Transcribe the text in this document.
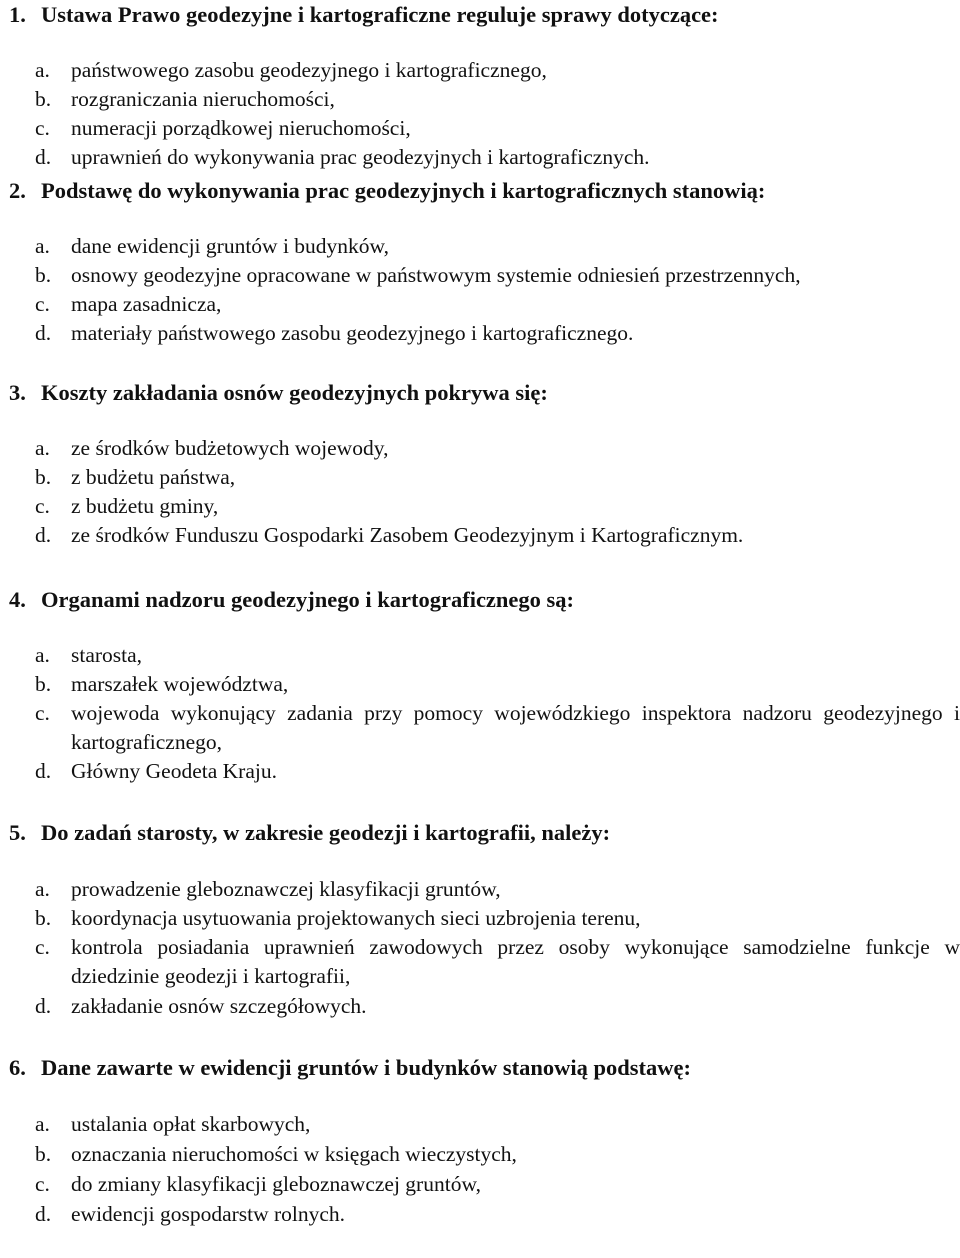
1. Ustawa Prawo geodezyjne i kartograficzne reguluje sprawy dotyczące:
a. państwowego zasobu geodezyjnego i kartograficznego,
b. rozgraniczania nieruchomości,
c. numeracji porządkowej nieruchomości,
d. uprawnień do wykonywania prac geodezyjnych i kartograficznych.
2. Podstawę do wykonywania prac geodezyjnych i kartograficznych stanowią:
a. dane ewidencji gruntów i budynków,
b. osnowy geodezyjne opracowane w państwowym systemie odniesień przestrzennych,
c. mapa zasadnicza,
d. materiały państwowego zasobu geodezyjnego i kartograficznego.
3. Koszty zakładania osnów geodezyjnych pokrywa się:
a. ze środków budżetowych wojewody,
b. z budżetu państwa,
c. z budżetu gminy,
d. ze środków Funduszu Gospodarki Zasobem Geodezyjnym i Kartograficznym.
4. Organami nadzoru geodezyjnego i kartograficznego są:
a. starosta,
b. marszałek województwa,
c. wojewoda wykonujący zadania przy pomocy wojewódzkiego inspektora nadzoru geodezyjnego i kartograficznego,
d. Główny Geodeta Kraju.
5. Do zadań starosty, w zakresie geodezji i kartografii, należy:
a. prowadzenie gleboznawczej klasyfikacji gruntów,
b. koordynacja usytuowania projektowanych sieci uzbrojenia terenu,
c. kontrola posiadania uprawnień zawodowych przez osoby wykonujące samodzielne funkcje w dziedzinie geodezji i kartografii,
d. zakładanie osnów szczegółowych.
6. Dane zawarte w ewidencji gruntów i budynków stanowią podstawę:
a. ustalania opłat skarbowych,
b. oznaczania nieruchomości w księgach wieczystych,
c. do zmiany klasyfikacji gleboznawczej gruntów,
d. ewidencji gospodarstw rolnych.
